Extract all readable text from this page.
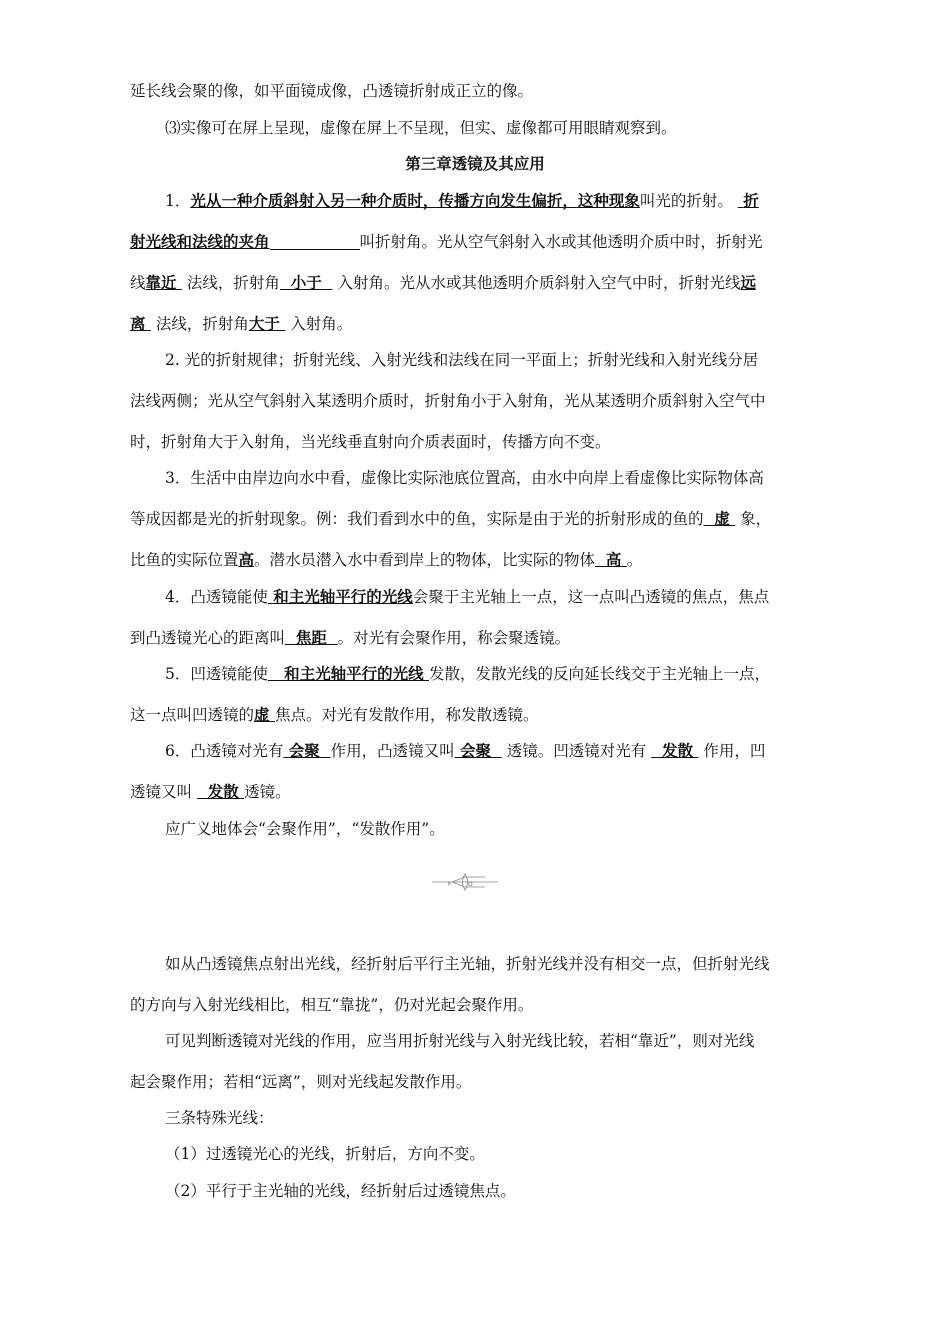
延长线会聚的像，如平面镜成像，凸透镜折射成正立的像。
⑶实像可在屏上呈现，虚像在屏上不呈现，但实、虚像都可用眼睛观察到。
第三章透镜及其应用
1．光从一种介质斜射入另一种介质时，传播方向发生偏折，这种现象叫光的折射。 折
射光线和法线的夹角	叫折射角。光从空气斜射入水或其他透明介质中时，折射光
线靠近 法线，折射角 小于 入射角。光从水或其他透明介质斜射入空气中时，折射光线远
离 法线，折射角大于 入射角。
2. 光的折射规律；折射光线、入射光线和法线在同一平面上；折射光线和入射光线分居
法线两侧；光从空气斜射入某透明介质时，折射角小于入射角，光从某透明介质斜射入空气中
时，折射角大于入射角，当光线垂直射向介质表面时，传播方向不变。
3．生活中由岸边向水中看，虚像比实际池底位置高，由水中向岸上看虚像比实际物体高
等成因都是光的折射现象。例：我们看到水中的鱼，实际是由于光的折射形成的鱼的 虚 象，
比鱼的实际位置高。潜水员潜入水中看到岸上的物体，比实际的物体 高 。
4．凸透镜能使 和主光轴平行的光线会聚于主光轴上一点，这一点叫凸透镜的焦点，焦点
到凸透镜光心的距离叫 焦距 。对光有会聚作用，称会聚透镜。
5．凹透镜能使 和主光轴平行的光线 发散，发散光线的反向延长线交于主光轴上一点，
这一点叫凹透镜的虚 焦点。对光有发散作用，称发散透镜。
6．凸透镜对光有 会聚 作用，凸透镜又叫 会聚 透镜。凹透镜对光有 发散 作用，凹
透镜又叫 发散 透镜。
应广义地体会“会聚作用”，“发散作用”。
F	O
如从凸透镜焦点射出光线，经折射后平行主光轴，折射光线并没有相交一点，但折射光线
的方向与入射光线相比，相互“靠拢”，仍对光起会聚作用。
可见判断透镜对光线的作用，应当用折射光线与入射光线比较，若相“靠近”，则对光线
起会聚作用；若相“远离”，则对光线起发散作用。
三条特殊光线：
（1）过透镜光心的光线，折射后，方向不变。
（2）平行于主光轴的光线，经折射后过透镜焦点。
